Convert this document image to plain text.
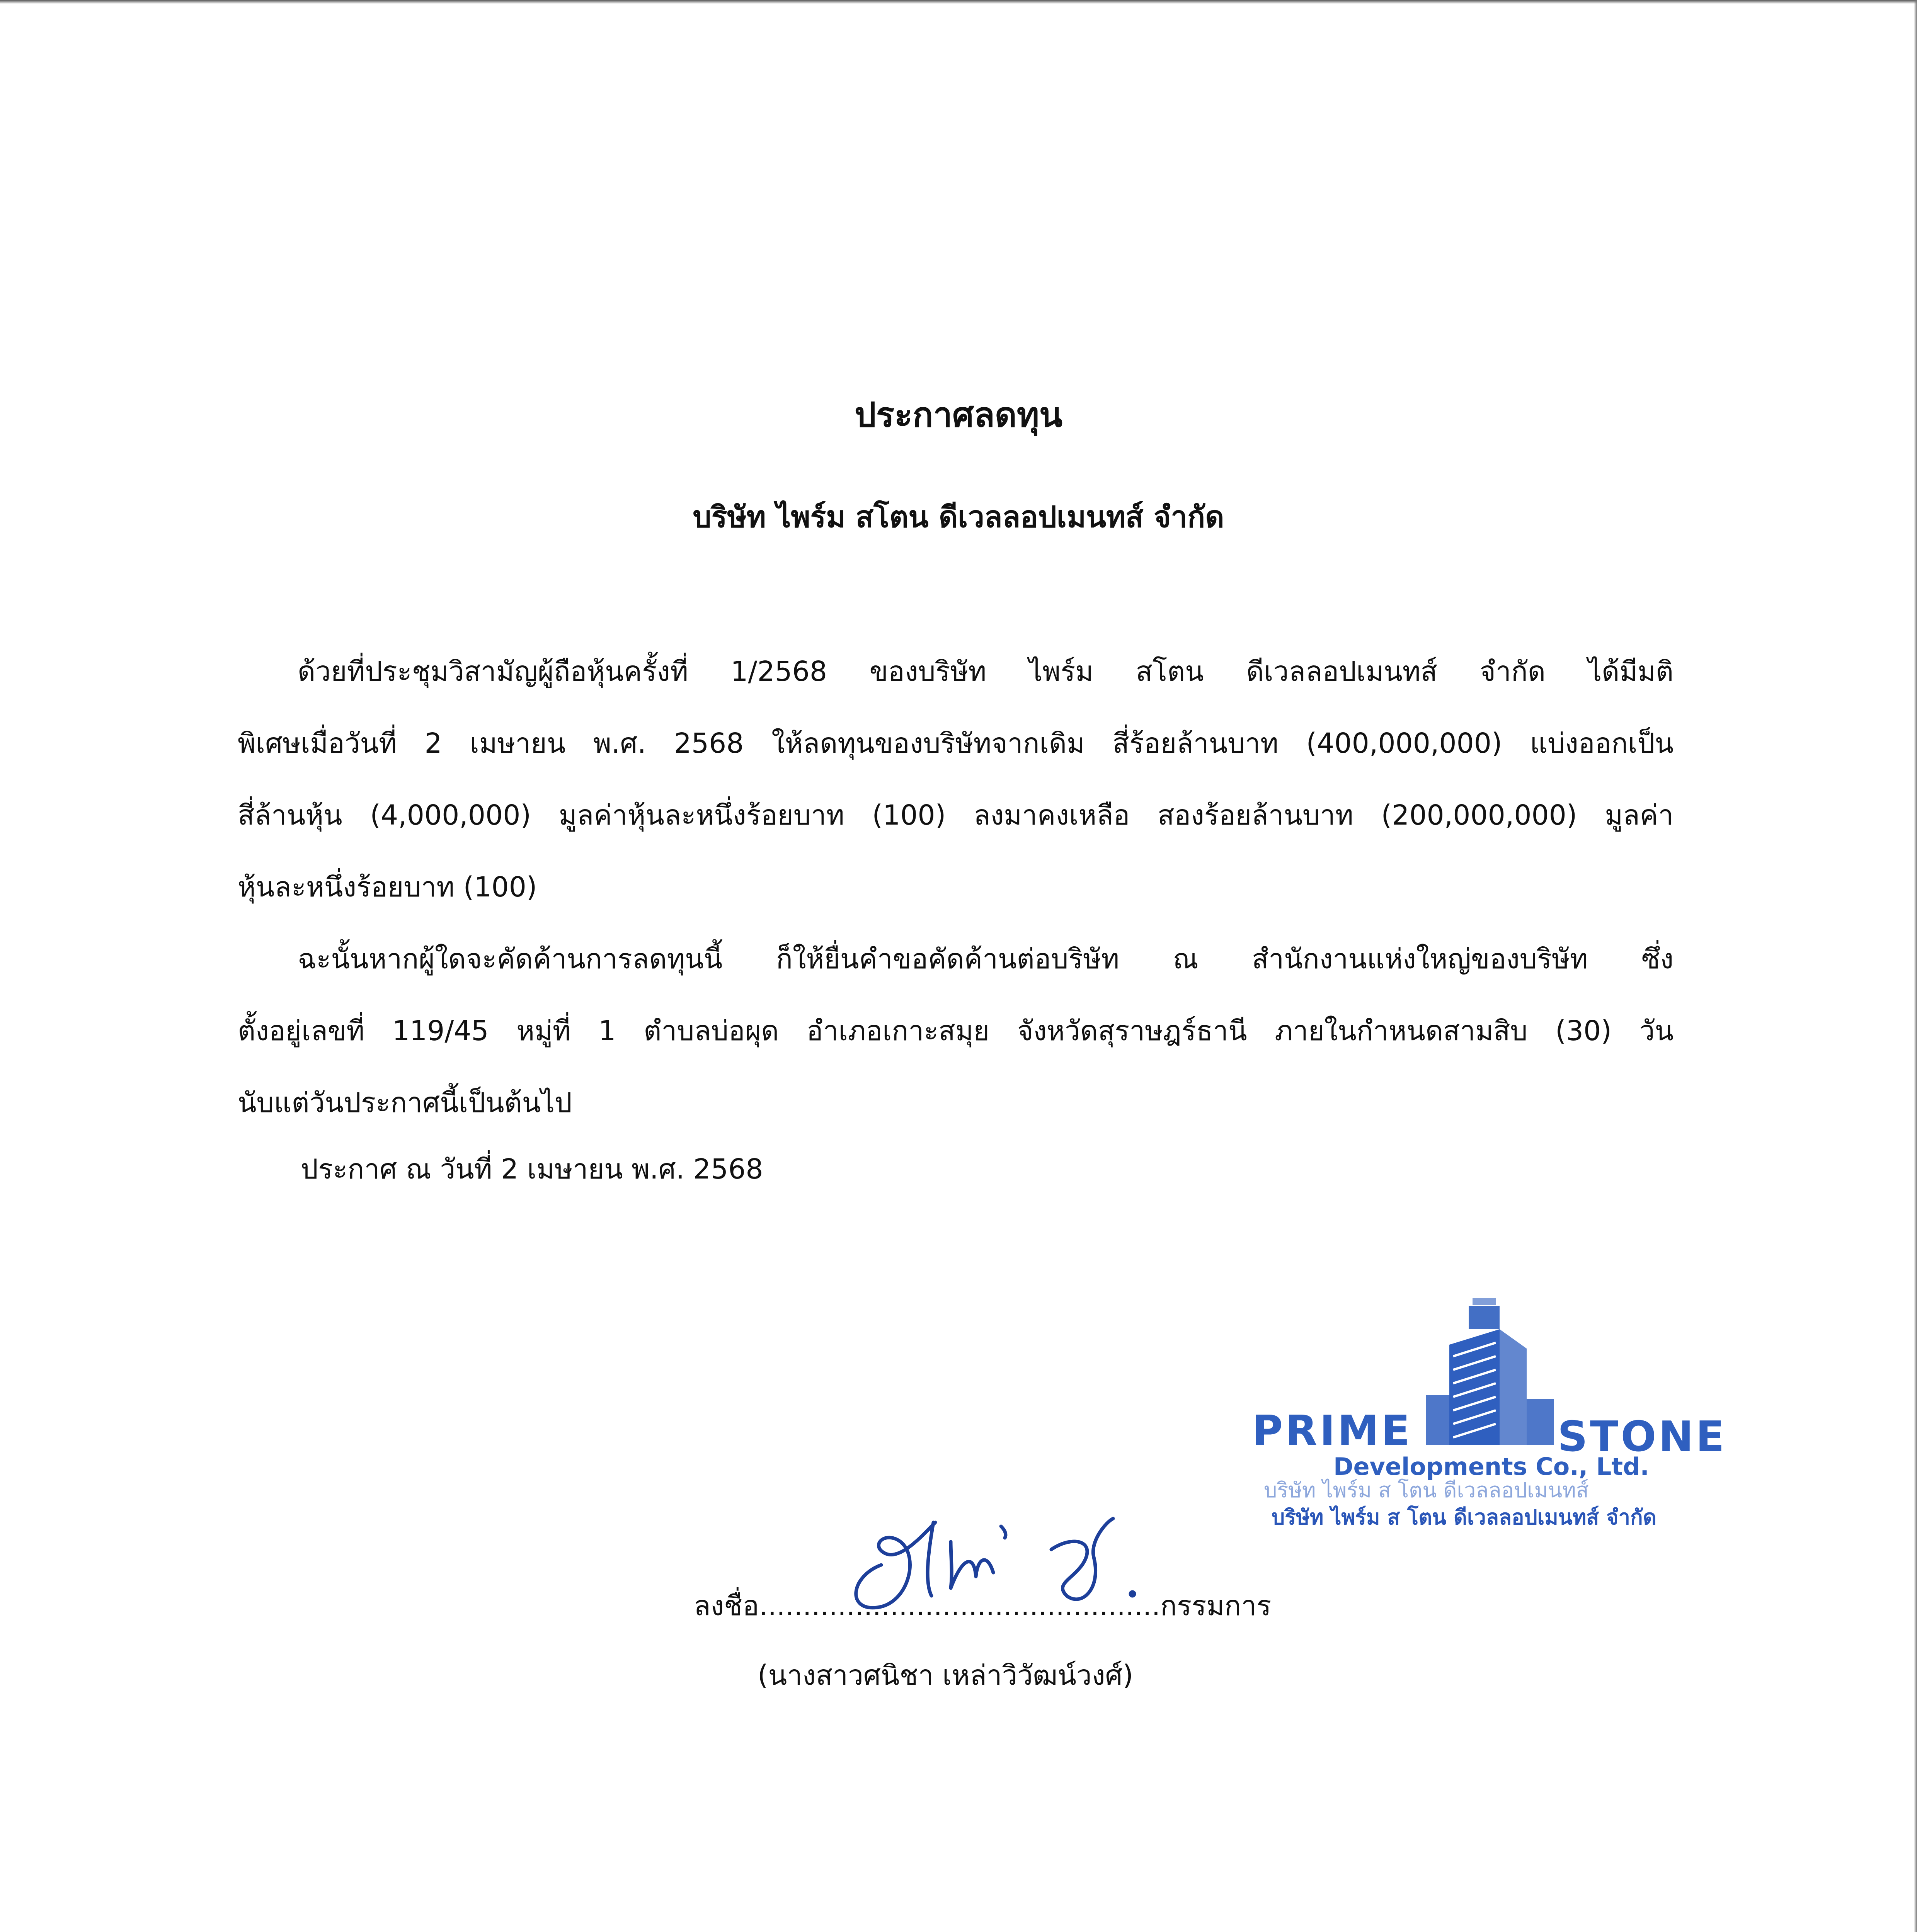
ประกาศลดทุน
บริษัท ไพร์ม สโตน ดีเวลลอปเมนทส์ จำกัด
ด้วยที่ประชุมวิสามัญผู้ถือหุ้นครั้งที่ 1/2568 ของบริษัท ไพร์ม สโตน ดีเวลลอปเมนทส์ จำกัด ได้มีมติ
พิเศษเมื่อวันที่ 2 เมษายน พ.ศ. 2568 ให้ลดทุนของบริษัทจากเดิม สี่ร้อยล้านบาท (400,000,000) แบ่งออกเป็น
สี่ล้านหุ้น (4,000,000) มูลค่าหุ้นละหนึ่งร้อยบาท (100) ลงมาคงเหลือ สองร้อยล้านบาท (200,000,000) มูลค่า
หุ้นละหนึ่งร้อยบาท (100)
ฉะนั้นหากผู้ใดจะคัดค้านการลดทุนนี้ ก็ให้ยื่นคำขอคัดค้านต่อบริษัท ณ สำนักงานแห่งใหญ่ของบริษัท ซึ่ง
ตั้งอยู่เลขที่ 119/45 หมู่ที่ 1 ตำบลบ่อผุด อำเภอเกาะสมุย จังหวัดสุราษฎร์ธานี ภายในกำหนดสามสิบ (30) วัน
นับแต่วันประกาศนี้เป็นต้นไป
ประกาศ ณ วันที่ 2 เมษายน พ.ศ. 2568
PRIME	STONE
Developments Co., Ltd.
บริษัท ไพร์ม ส โตน ดีเวลลอปเมนทส์
บริษัท ไพร์ม ส โตน ดีเวลลอปเมนทส์ จำกัด
ลงชื่อ..............................................กรรมการ
(นางสาวศนิชา เหล่าวิวัฒน์วงศ์)
